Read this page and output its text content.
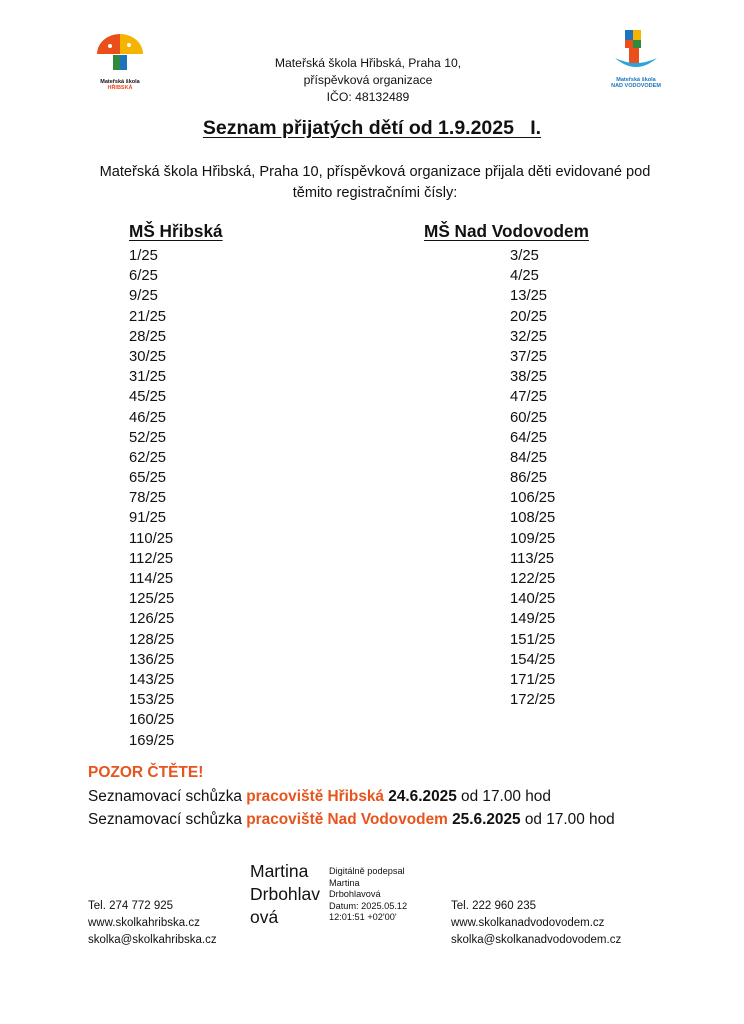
Mateřská škola
HŘIBSKÁ
Mateřská škola
NAD VODOVODEM
Mateřská škola Hřibská, Praha 10,
příspěvková organizace
IČO: 48132489
Seznam přijatých dětí od 1.9.2025   I.
Mateřská škola Hřibská, Praha 10, příspěvková organizace přijala děti evidované pod
těmito registračními čísly:
MŠ Hřibská
1/25
6/25
9/25
21/25
28/25
30/25
31/25
45/25
46/25
52/25
62/25
65/25
78/25
91/25
110/25
112/25
114/25
125/25
126/25
128/25
136/25
143/25
153/25
160/25
169/25
MŠ Nad Vodovodem
3/25
4/25
13/25
20/25
32/25
37/25
38/25
47/25
60/25
64/25
84/25
86/25
106/25
108/25
109/25
113/25
122/25
140/25
149/25
151/25
154/25
171/25
172/25
POZOR ČTĚTE!
Seznamovací schůzka pracoviště Hřibská 24.6.2025 od 17.00 hod
Seznamovací schůzka pracoviště Nad Vodovodem 25.6.2025 od 17.00 hod
Martina
Drbohlav
ová
Digitálně podepsal
Martina
Drbohlavová
Datum: 2025.05.12
12:01:51 +02'00'
Tel. 274 772 925
www.skolkahribska.cz
skolka@skolkahribska.cz
Tel. 222 960 235
www.skolkanadvodovodem.cz
skolka@skolkanadvodovodem.cz
